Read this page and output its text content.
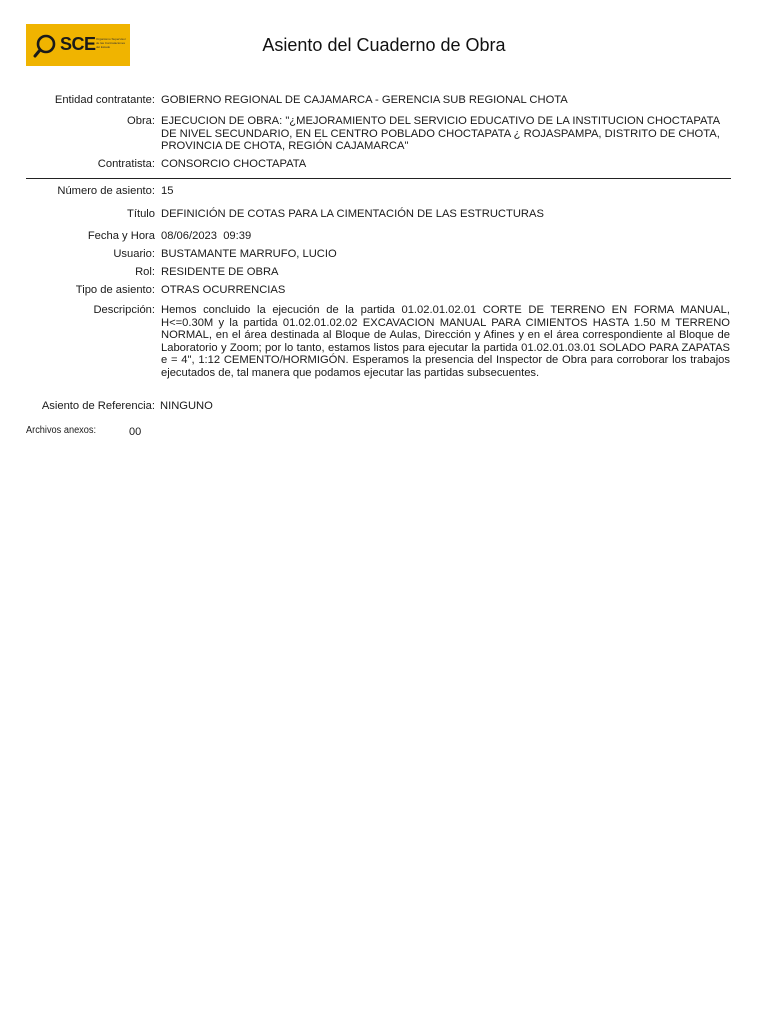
SCE Organismo Supervisor de las Contrataciones del Estado	Asiento del Cuaderno de Obra
Entidad contratante: GOBIERNO REGIONAL DE CAJAMARCA - GERENCIA SUB REGIONAL CHOTA
Obra: EJECUCION DE OBRA: "¿MEJORAMIENTO DEL SERVICIO EDUCATIVO DE LA INSTITUCION CHOCTAPATA DE NIVEL SECUNDARIO, EN EL CENTRO POBLADO CHOCTAPATA ¿ ROJASPAMPA, DISTRITO DE CHOTA, PROVINCIA DE CHOTA, REGIÓN CAJAMARCA"
Contratista: CONSORCIO CHOCTAPATA
Número de asiento: 15
Título DEFINICIÓN DE COTAS PARA LA CIMENTACIÓN DE LAS ESTRUCTURAS
Fecha y Hora 08/06/2023  09:39
Usuario: BUSTAMANTE MARRUFO, LUCIO
Rol: RESIDENTE DE OBRA
Tipo de asiento: OTRAS OCURRENCIAS
Descripción: Hemos concluido la ejecución de la partida 01.02.01.02.01 CORTE DE TERRENO EN FORMA MANUAL, H<=0.30M y la partida 01.02.01.02.02 EXCAVACION MANUAL PARA CIMIENTOS HASTA 1.50 M TERRENO NORMAL, en el área destinada al Bloque de Aulas, Dirección y Afines y en el área correspondiente al Bloque de Laboratorio y Zoom; por lo tanto, estamos listos para ejecutar la partida 01.02.01.03.01 SOLADO PARA ZAPATAS e = 4", 1:12 CEMENTO/HORMIGÓN. Esperamos la presencia del Inspector de Obra para corroborar los trabajos ejecutados de, tal manera que podamos ejecutar las partidas subsecuentes.
Asiento de Referencia: NINGUNO
Archivos anexos:	00
